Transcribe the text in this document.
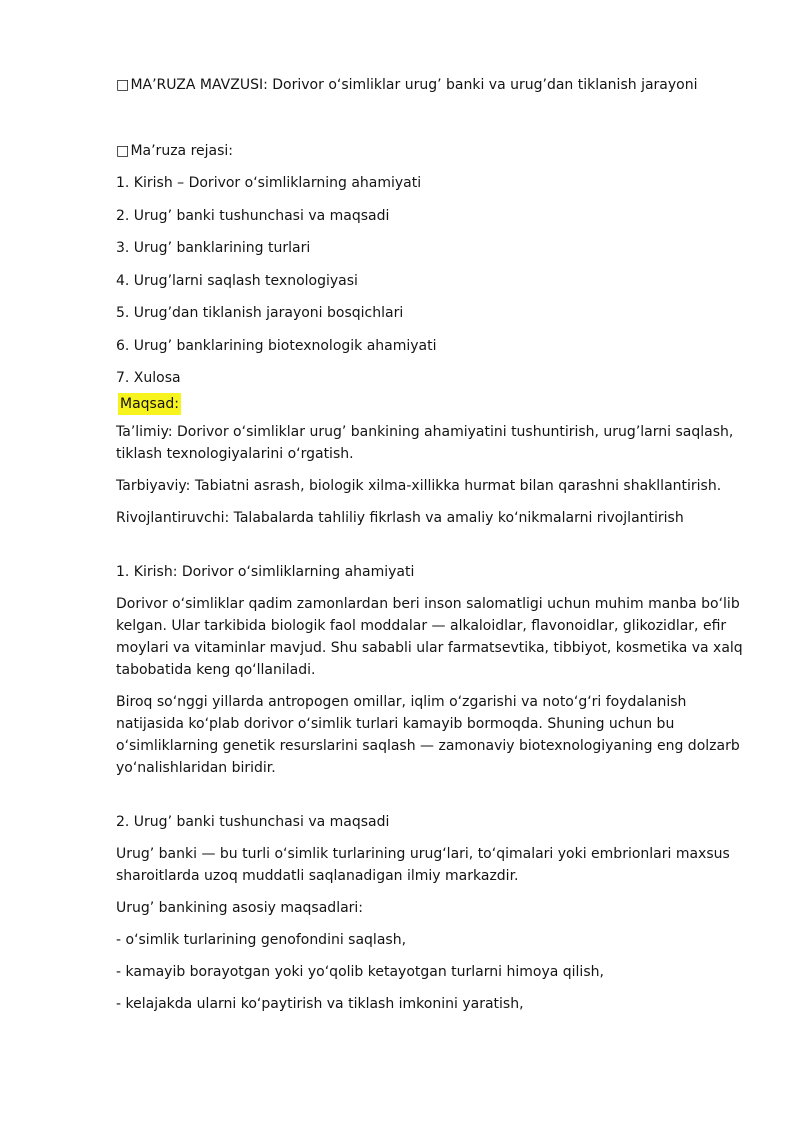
□ MA’RUZA MAVZUSI: Dorivor o‘simliklar urug’ banki va urug’dan tiklanish jarayoni

□ Ma’ruza rejasi:

1. Kirish – Dorivor o‘simliklarning ahamiyati

2. Urug’ banki tushunchasi va maqsadi

3. Urug’ banklarining turlari

4. Urug’larni saqlash texnologiyasi

5. Urug’dan tiklanish jarayoni bosqichlari

6. Urug’ banklarining biotexnologik ahamiyati

7. Xulosa

Maqsad:

Ta’limiy: Dorivor o‘simliklar urug’ bankining ahamiyatini tushuntirish, urug’larni saqlash, tiklash texnologiyalarini o‘rgatish.

Tarbiyaviy: Tabiatni asrash, biologik xilma-xillikka hurmat bilan qarashni shakllantirish.

Rivojlantiruvchi: Talabalarda tahliliy fikrlash va amaliy ko‘nikmalarni rivojlantirish

1. Kirish: Dorivor o‘simliklarning ahamiyati

Dorivor o‘simliklar qadim zamonlardan beri inson salomatligi uchun muhim manba bo‘lib kelgan. Ular tarkibida biologik faol moddalar — alkaloidlar, flavonoidlar, glikozidlar, efir moylari va vitaminlar mavjud. Shu sababli ular farmatsevtika, tibbiyot, kosmetika va xalq tabobatida keng qo‘llaniladi.

Biroq so‘nggi yillarda antropogen omillar, iqlim o‘zgarishi va noto‘g‘ri foydalanish natijasida ko‘plab dorivor o‘simlik turlari kamayib bormoqda. Shuning uchun bu o‘simliklarning genetik resurslarini saqlash — zamonaviy biotexnologiyaning eng dolzarb yo‘nalishlaridan biridir.

2. Urug’ banki tushunchasi va maqsadi

Urug’ banki — bu turli o‘simlik turlarining urug‘lari, to‘qimalari yoki embrionlari maxsus sharoitlarda uzoq muddatli saqlanadigan ilmiy markazdir.

Urug’ bankining asosiy maqsadlari:

- o‘simlik turlarining genofondini saqlash,

- kamayib borayotgan yoki yo‘qolib ketayotgan turlarni himoya qilish,

- kelajakda ularni ko‘paytirish va tiklash imkonini yaratish,
